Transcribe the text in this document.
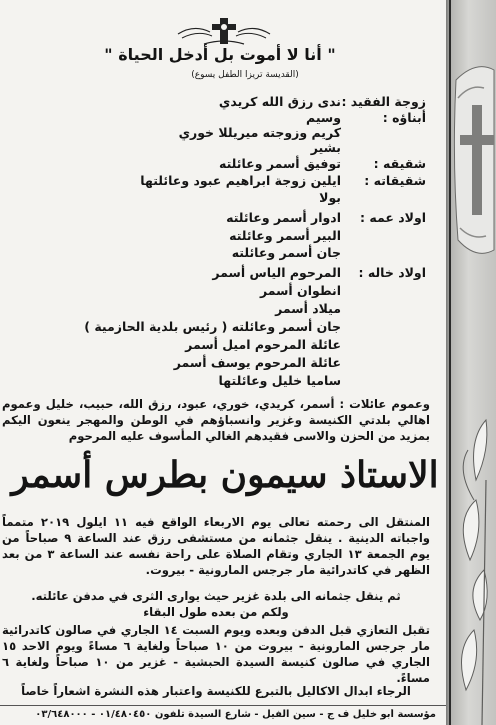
" أنا لا أموت بل أدخل الحياة "
(القديسة تريزا الطفل يسوع)
زوجة الفقيد :
ندى رزق الله كريدي
أبناؤه :
وسيم
كريم وزوجته ميريللا خوري
بشير
شقيقه :
توفيق أسمر وعائلته
شقيقاته :
ايلين زوجة ابراهيم عبود وعائلتها
بولا
اولاد عمه :
ادوار أسمر وعائلته
البير أسمر وعائلته
جان أسمر وعائلته
اولاد خاله :
المرحوم الياس أسمر
انطوان أسمر
ميلاد أسمر
جان أسمر وعائلته ( رئيس بلدية الحازمية )
عائلة المرحوم اميل أسمر
عائلة المرحوم يوسف أسمر
ساميا خليل وعائلتها
وعموم عائلات : أسمر، كريدي، خوري، عبود، رزق الله، حبيب، خليل وعموم اهالي بلدتي الكنيسة وغزير وانسباؤهم في الوطن والمهجر ينعون اليكم بمزيد من الحزن والاسى فقيدهم الغالي المأسوف عليه المرحوم
الاستاذ سيمون بطرس أسمر
المنتقل الى رحمته تعالى يوم الاربعاء الواقع فيه ١١ ايلول ٢٠١٩ متمماً واجباته الدينية . ينقل جثمانه من مستشفى رزق عند الساعة ٩ صباحاً من يوم الجمعة ١٣ الجاري وتقام الصلاة على راحة نفسه عند الساعة ٣ من بعد الظهر في كاتدرائية مار جرجس المارونية - بيروت.
ثم ينقل جثمانه الى بلدة غزير حيث يوارى الثرى في مدفن عائلته.
ولكم من بعده طول البقاء
تقبل التعازي قبل الدفن وبعده ويوم السبت ١٤ الجاري في صالون كاتدرائية مار جرجس المارونية - بيروت من ١٠ صباحاً ولغاية ٦ مساءً ويوم الاحد ١٥ الجاري في صالون كنيسة السيدة الحبشية - غزير من ١٠ صباحاً ولغاية ٦ مساءً.
الرجاء ابدال الاكاليل بالتبرع للكنيسة واعتبار هذه النشرة اشعاراً خاصاً
مؤسسة أبو خليل ف ج - سين الفيل - شارع السيدة تلفون ٠١/٤٨٠٤٥٠ - ٠٣/٦٤٨٠٠٠
